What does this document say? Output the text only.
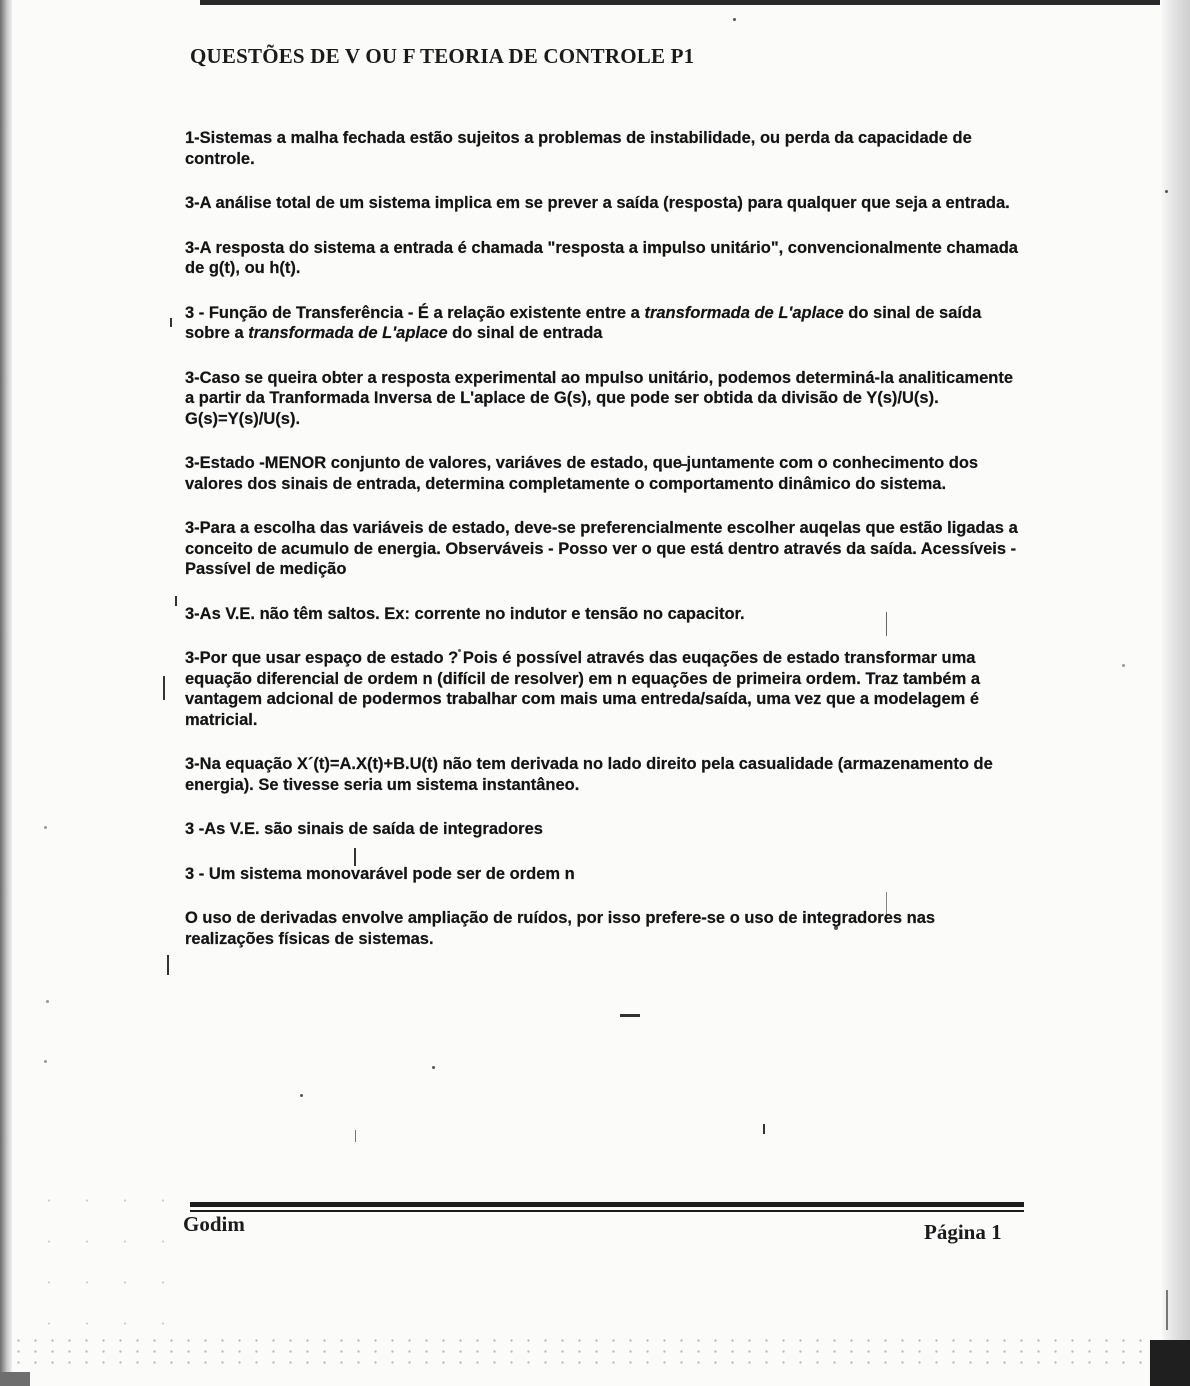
QUESTÕES DE V OU F TEORIA DE CONTROLE P1

1-Sistemas a malha fechada estão sujeitos a problemas de instabilidade, ou perda da capacidade de controle.

3-A análise total de um sistema implica em se prever a saída (resposta) para qualquer que seja a entrada.

3-A resposta do sistema a entrada é chamada "resposta a impulso unitário", convencionalmente chamada de g(t), ou h(t).

3 - Função de Transferência - É a relação existente entre a transformada de L'aplace do sinal de saída sobre a transformada de L'aplace do sinal de entrada

3-Caso se queira obter a resposta experimental ao mpulso unitário, podemos determiná-la analiticamente a partir da Tranformada Inversa de L'aplace de G(s), que pode ser obtida da divisão de Y(s)/U(s). G(s)=Y(s)/U(s).

3-Estado -MENOR conjunto de valores, variáves de estado, que juntamente com o conhecimento dos valores dos sinais de entrada, determina completamente o comportamento dinâmico do sistema.

3-Para a escolha das variáveis de estado, deve-se preferencialmente escolher auqelas que estão ligadas a conceito de acumulo de energia. Observáveis - Posso ver o que está dentro através da saída. Acessíveis - Passível de medição

3-As V.E. não têm saltos. Ex: corrente no indutor e tensão no capacitor.

3-Por que usar espaço de estado ? Pois é possível através das euqações de estado transformar uma equação diferencial de ordem n (difícil de resolver) em n equações de primeira ordem. Traz também a vantagem adcional de podermos trabalhar com mais uma entreda/saída, uma vez que a modelagem é matricial.

3-Na equação X´(t)=A.X(t)+B.U(t) não tem derivada no lado direito pela casualidade (armazenamento de energia). Se tivesse seria um sistema instantâneo.

3 -As V.E. são sinais de saída de integradores

3 - Um sistema monovarável pode ser de ordem n

O uso de derivadas envolve ampliação de ruídos, por isso prefere-se o uso de integradores nas realizações físicas de sistemas.

Godim	Página 1
